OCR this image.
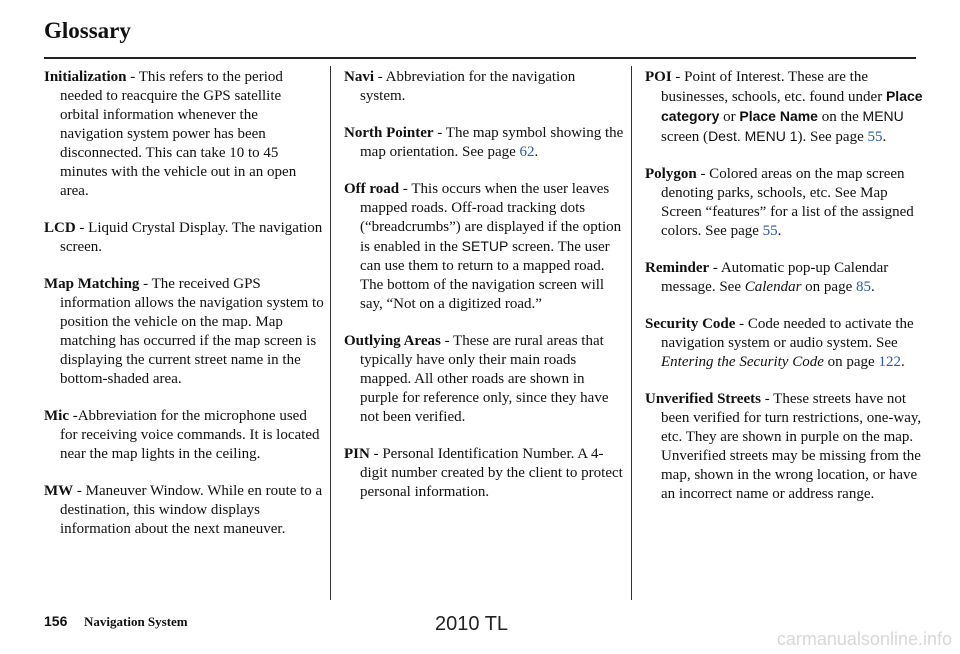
Glossary

Initialization - This refers to the period needed to reacquire the GPS satellite orbital information whenever the navigation system power has been disconnected. This can take 10 to 45 minutes with the vehicle out in an open area.

LCD - Liquid Crystal Display. The navigation screen.

Map Matching - The received GPS information allows the navigation system to position the vehicle on the map. Map matching has occurred if the map screen is displaying the current street name in the bottom-shaded area.

Mic -Abbreviation for the microphone used for receiving voice commands. It is located near the map lights in the ceiling.

MW - Maneuver Window. While en route to a destination, this window displays information about the next maneuver.

Navi - Abbreviation for the navigation system.

North Pointer - The map symbol showing the map orientation. See page 62.

Off road - This occurs when the user leaves mapped roads. Off-road tracking dots (“breadcrumbs”) are displayed if the option is enabled in the SETUP screen. The user can use them to return to a mapped road. The bottom of the navigation screen will say, “Not on a digitized road.”

Outlying Areas - These are rural areas that typically have only their main roads mapped. All other roads are shown in purple for reference only, since they have not been verified.

PIN - Personal Identification Number. A 4-digit number created by the client to protect personal information.

POI - Point of Interest. These are the businesses, schools, etc. found under Place category or Place Name on the MENU screen (Dest. MENU 1). See page 55.

Polygon - Colored areas on the map screen denoting parks, schools, etc. See Map Screen “features” for a list of the assigned colors. See page 55.

Reminder - Automatic pop-up Calendar message. See Calendar on page 85.

Security Code - Code needed to activate the navigation system or audio system. See Entering the Security Code on page 122.

Unverified Streets - These streets have not been verified for turn restrictions, one-way, etc. They are shown in purple on the map. Unverified streets may be missing from the map, shown in the wrong location, or have an incorrect name or address range.

156 Navigation System	2010 TL
carmanualsonline.info
